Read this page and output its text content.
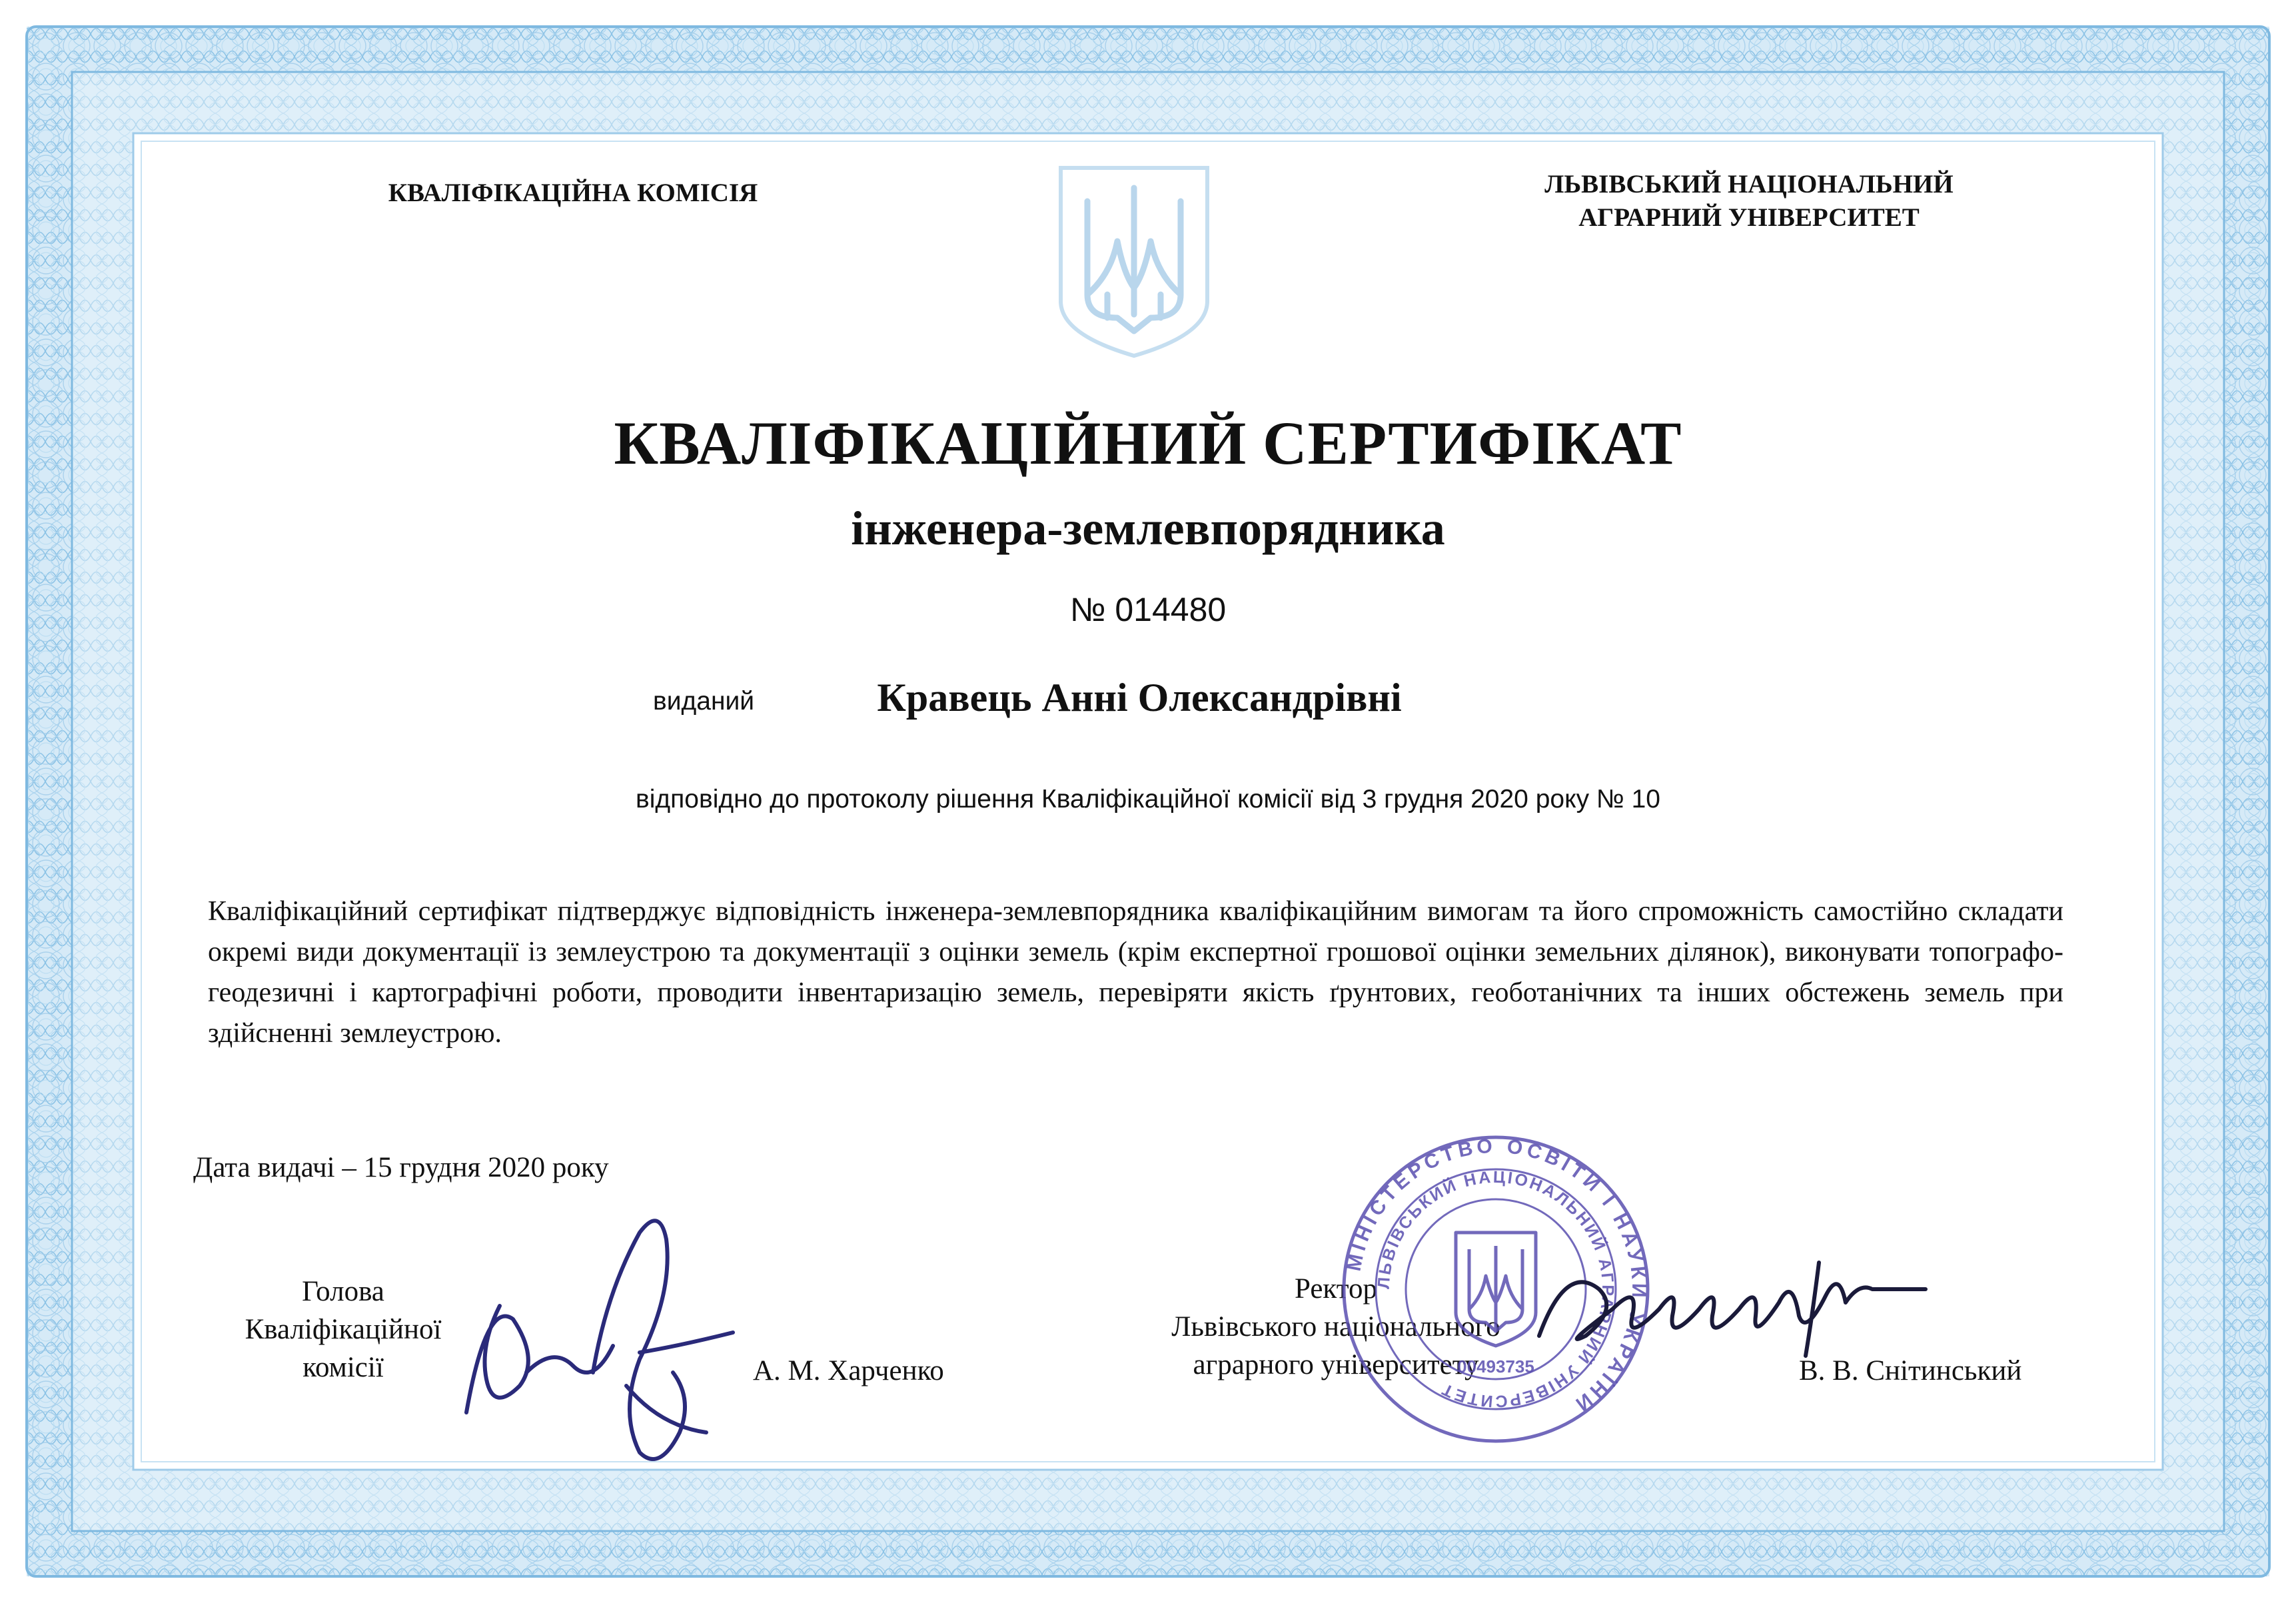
КВАЛІФІКАЦІЙНА КОМІСІЯ	ЛЬВІВСЬКИЙ НАЦІОНАЛЬНИЙ
АГРАРНИЙ УНІВЕРСИТЕТ
КВАЛІФІКАЦІЙНИЙ СЕРТИФІКАТ
інженера-землевпорядника
№ 014480
виданий	Кравець Анні Олександрівні
відповідно до протоколу рішення Кваліфікаційної комісії від 3 грудня 2020 року № 10

Кваліфікаційний сертифікат підтверджує відповідність інженера-землевпорядника кваліфікаційним вимогам та його спроможність самостійно складати окремі види документації із землеустрою та документації з оцінки земель (крім експертної грошової оцінки земельних ділянок), виконувати топографо-геодезичні і картографічні роботи, проводити інвентаризацію земель, перевіряти якість ґрунтових, геоботанічних та інших обстежень земель при здійсненні землеустрою.

Дата видачі – 15 грудня 2020 року
Голова
Кваліфікаційної
комісії	А. М. Харченко
Ректор
Львівського національного
аграрного університету
МІНІСТЕРСТВО ОСВІТИ І НАУКИ УКРАЇНИ
ЛЬВІВСЬКИЙ НАЦІОНАЛЬНИЙ АГРАРНИЙ УНІВЕРСИТЕТ
00493735	В. В. Снітинський
